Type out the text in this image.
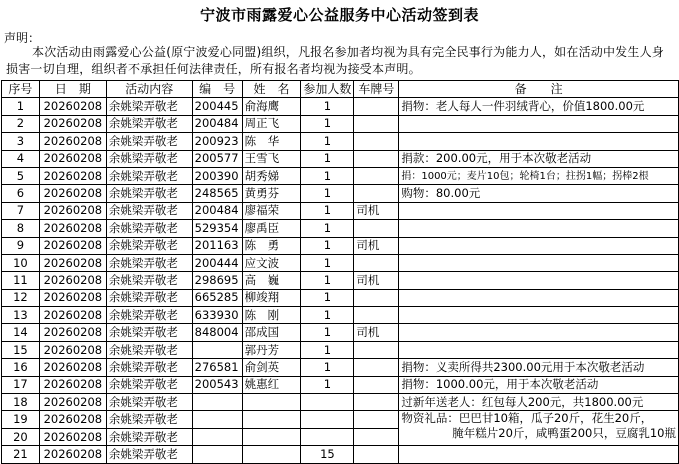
宁波市雨露爱心公益服务中心活动签到表
声明：
本次活动由雨露爱心公益(原宁波爱心同盟)组织，凡报名参加者均视为具有完全民事行为能力人，如在活动中发生人身损害一切自理，组织者不承担任何法律责任，所有报名者均视为接受本声明。
序号	日　期	活动内容	编　号	姓　名	参加人数	车牌号	备　　注
1	20260208	余姚梁弄敬老	200445	俞海鹰	1		捐物：老人每人一件羽绒背心，价值1800.00元
2	20260208	余姚梁弄敬老	200484	周正飞	1		
3	20260208	余姚梁弄敬老	200923	陈　华	1		
4	20260208	余姚梁弄敬老	200577	王雪飞	1		捐款：200.00元，用于本次敬老活动
5	20260208	余姚梁弄敬老	200390	胡秀娣	1		捐：1000元；麦片10包；轮椅1台；拄拐1幅；拐棒2根
6	20260208	余姚梁弄敬老	248565	黄勇芬	1		购物：80.00元
7	20260208	余姚梁弄敬老	200484	廖福荣	1	司机	
8	20260208	余姚梁弄敬老	529354	廖禹臣	1		
9	20260208	余姚梁弄敬老	201163	陈　勇	1	司机	
10	20260208	余姚梁弄敬老	200444	应文波	1		
11	20260208	余姚梁弄敬老	298695	高　巍	1	司机	
12	20260208	余姚梁弄敬老	665285	柳竣翔	1		
13	20260208	余姚梁弄敬老	633930	陈　刚	1		
14	20260208	余姚梁弄敬老	848004	邵成国	1	司机	
15	20260208	余姚梁弄敬老		郭丹芳	1		
16	20260208	余姚梁弄敬老	276581	俞剑英	1		捐物：义卖所得共2300.00元用于本次敬老活动
17	20260208	余姚梁弄敬老	200543	姚惠红	1		捐物：1000.00元，用于本次敬老活动
18	20260208	余姚梁弄敬老					过新年送老人：红包每人200元，共1800.00元
19	20260208	余姚梁弄敬老					物资礼品：巴巴甘10箱，瓜子20斤，花生20斤，
腌年糕片20斤，咸鸭蛋200只，豆腐乳10瓶

20	20260208	余姚梁弄敬老					
21	20260208	余姚梁弄敬老			15		
